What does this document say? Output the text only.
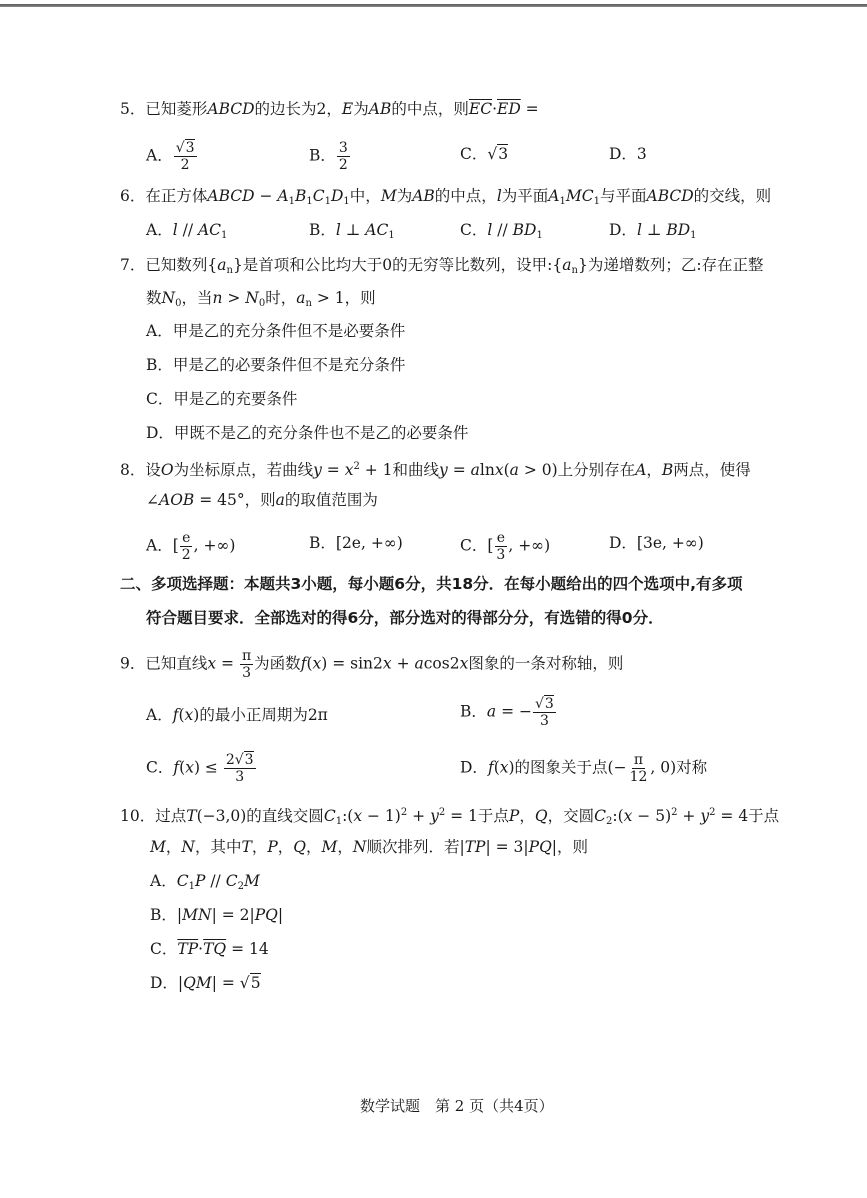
5．已知菱形ABCD的边长为2，E为AB的中点，则$\overline{EC}\cdot\overline{ED}$ =
A． $\frac{√3}{2}$	B． $\frac{3}{2}$	C．√3	D．3
6．在正方体ABCD − $A_1B_1C_1D_1$中，M为AB的中点，l为平面$A_1MC_1$与平面ABCD的交线，则
A．l // $AC_1$	B．l ⊥ $AC_1$	C．l // $BD_1$	D．l ⊥ $BD_1$
7．已知数列$\{a_n\}$是首项和公比均大于0的无穷等比数列，设甲$:\{a_n\}$为递增数列；乙:存在正整
数$N_0$，当$n > N_0$时，$a_n > 1$，则
A．甲是乙的充分条件但不是必要条件
B．甲是乙的必要条件但不是充分条件
C．甲是乙的充要条件
D．甲既不是乙的充分条件也不是乙的必要条件
8．设O为坐标原点，若曲线$y = x^2 + 1$和曲线y = alnx(a > 0)上分别存在A，B两点，使得
∠AOB = 45°，则a的取值范围为
A．[ $\frac{e}{2}$ , +∞)	B．[2e, +∞)	C．[ $\frac{e}{3}$ , +∞)	D．[3e, +∞)
二、多项选择题：本题共3小题，每小题6分，共18分．在每小题给出的四个选项中,有多项
符合题目要求．全部选对的得6分，部分选对的得部分分，有选错的得0分．
9．已知直线$x = \frac{\pi}{3}$ 为函数f(x) = sin2x + acos2x图象的一条对称轴，则
A．f(x)的最小正周期为2π	B．a = − $\frac{√3}{3}$
C．$f(x) \le \frac{2√3}{3}$	D．f(x)的图象关于点(− $\frac{\pi}{12}$ , 0)对称
10．过点T(−3,0)的直线交圆$C_1:(x - 1)^2 + y^2 = 1$于点P，Q，交圆$C_2:(x - 5)^2 + y^2 = 4$于点
M，N，其中T，P，Q，M，N顺次排列．若|TP| = 3|PQ|，则
A．$C_1P // C_2M$
B．|MN| = 2|PQ|
C．$\overline{TP}\cdot\overline{TQ} = 14$
D．|QM| = √5
数学试题　第 2 页（共4页）
